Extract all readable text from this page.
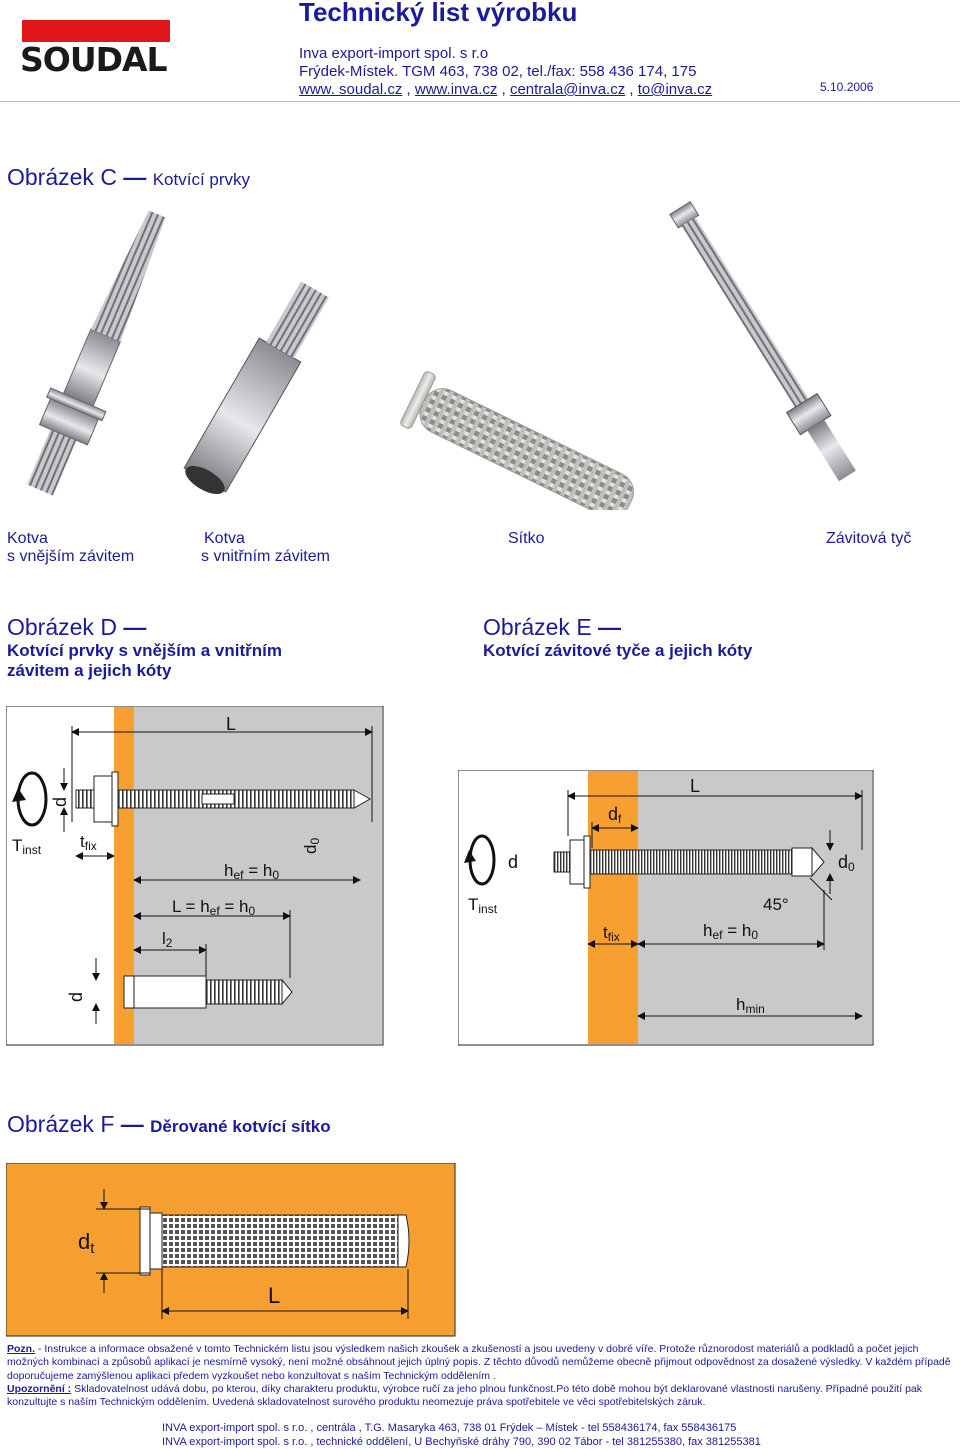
SOUDAL
Technický list výrobku
Inva export-import spol. s r.o
Frýdek-Místek. TGM 463, 738 02, tel./fax: 558 436 174, 175
www. soudal.cz , www.inva.cz , centrala@inva.cz , to@inva.cz	5.10.2006
Obrázek C — Kotvící prvky
Kotva
s vnějším závitem
Kotva
s vnitřním závitem
Sítko	Závitová tyč
Obrázek D —
Kotvící prvky s vnějším a vnitřním
závitem a jejich kóty
Obrázek E —
Kotvící závitové tyče a jejich kóty
L
d
Tinst tfix	d0
hef = h0
L = hef = h0
l2
d
L
df
d	d0
Tinst	45°
tfix	hef = h0
hmin
Obrázek F — Děrované kotvící sítko
dt
L
Pozn. - Instrukce a informace obsažené v tomto Technickém listu jsou výsledkem našich zkoušek a zkušeností a jsou uvedeny v dobré víře. Protože různorodost materiálů a podkladů a počet jejich možných kombinací a způsobů aplikací je nesmírně vysoký, není možné obsáhnout jejich úplný popis. Z těchto důvodů nemůžeme obecně přijmout odpovědnost za dosažené výsledky. V každém případě doporučujeme zamýšlenou aplikaci předem vyzkoušet nebo konzultovat s naším Technickým oddělením .
Upozornění : Skladovatelnost udává dobu, po kterou, díky charakteru produktu, výrobce ručí za jeho plnou funkčnost.Po této době mohou být deklarované vlastnosti narušeny. Případné použití pak konzultujte s naším Technickým oddělením. Uvedená skladovatelnost surového produktu neomezuje práva spotřebitele ve věci spotřebitelských záruk.
INVA export-import spol. s r.o. , centrála , T.G. Masaryka 463, 738 01 Frýdek – Místek - tel 558436174, fax 558436175
INVA export-import spol. s r.o. , technické oddělení, U Bechyňské dráhy 790, 390 02 Tábor - tel 381255380, fax 381255381
